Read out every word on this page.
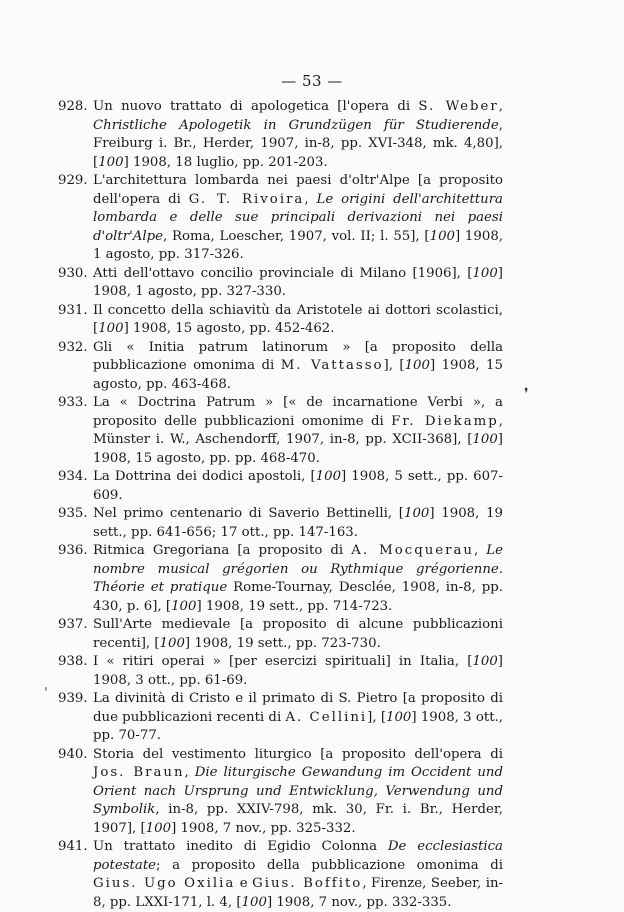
— 53 —
928. Un nuovo trattato di apologetica [l'opera di S. Weber, Christliche Apologetik in Grundzügen für Studierende, Freiburg i. Br., Herder, 1907, in-8, pp. XVI-348, mk. 4,80], [100] 1908, 18 luglio, pp. 201-203.
929. L'architettura lombarda nei paesi d'oltr'Alpe [a proposito dell'opera di G. T. Rivoira, Le origini dell'architettura lombarda e delle sue principali derivazioni nei paesi d'oltr'Alpe, Roma, Loescher, 1907, vol. II; l. 55], [100] 1908, 1 agosto, pp. 317-326.
930. Atti dell'ottavo concilio provinciale di Milano [1906], [100] 1908, 1 agosto, pp. 327-330.
931. Il concetto della schiavitù da Aristotele ai dottori scolastici, [100] 1908, 15 agosto, pp. 452-462.
932. Gli « Initia patrum latinorum » [a proposito della pubblicazione omonima di M. Vattasso], [100] 1908, 15 agosto, pp. 463-468.
933. La « Doctrina Patrum » [« de incarnatione Verbi », a proposito delle pubblicazioni omonime di Fr. Diekamp, Münster i. W., Aschendorff, 1907, in-8, pp. XCII-368], [100] 1908, 15 agosto, pp. pp. 468-470.
934. La Dottrina dei dodici apostoli, [100] 1908, 5 sett., pp. 607-609.
935. Nel primo centenario di Saverio Bettinelli, [100] 1908, 19 sett., pp. 641-656; 17 ott., pp. 147-163.
936. Ritmica Gregoriana [a proposito di A. Mocquerau, Le nombre musical grégorien ou Rythmique grégorienne. Théorie et pratique Rome-Tournay, Desclée, 1908, in-8, pp. 430, p. 6], [100] 1908, 19 sett., pp. 714-723.
937. Sull'Arte medievale [a proposito di alcune pubblicazioni recenti], [100] 1908, 19 sett., pp. 723-730.
938. I « ritiri operai » [per esercizi spirituali] in Italia, [100] 1908, 3 ott., pp. 61-69.
939. La divinità di Cristo e il primato di S. Pietro [a proposito di due pubblicazioni recenti di A. Cellini], [100] 1908, 3 ott., pp. 70-77.
940. Storia del vestimento liturgico [a proposito dell'opera di Jos. Braun, Die liturgische Gewandung im Occident und Orient nach Ursprung und Entwicklung, Verwendung und Symbolik, in-8, pp. XXIV-798, mk. 30, Fr. i. Br., Herder, 1907], [100] 1908, 7 nov., pp. 325-332.
941. Un trattato inedito di Egidio Colonna De ecclesiastica potestate; a proposito della pubblicazione omonima di Gius. Ugo Oxilia e Gius. Boffito, Firenze, Seeber, in-8, pp. LXXI-171, l. 4, [100] 1908, 7 nov., pp. 332-335.
❜
ˈ
